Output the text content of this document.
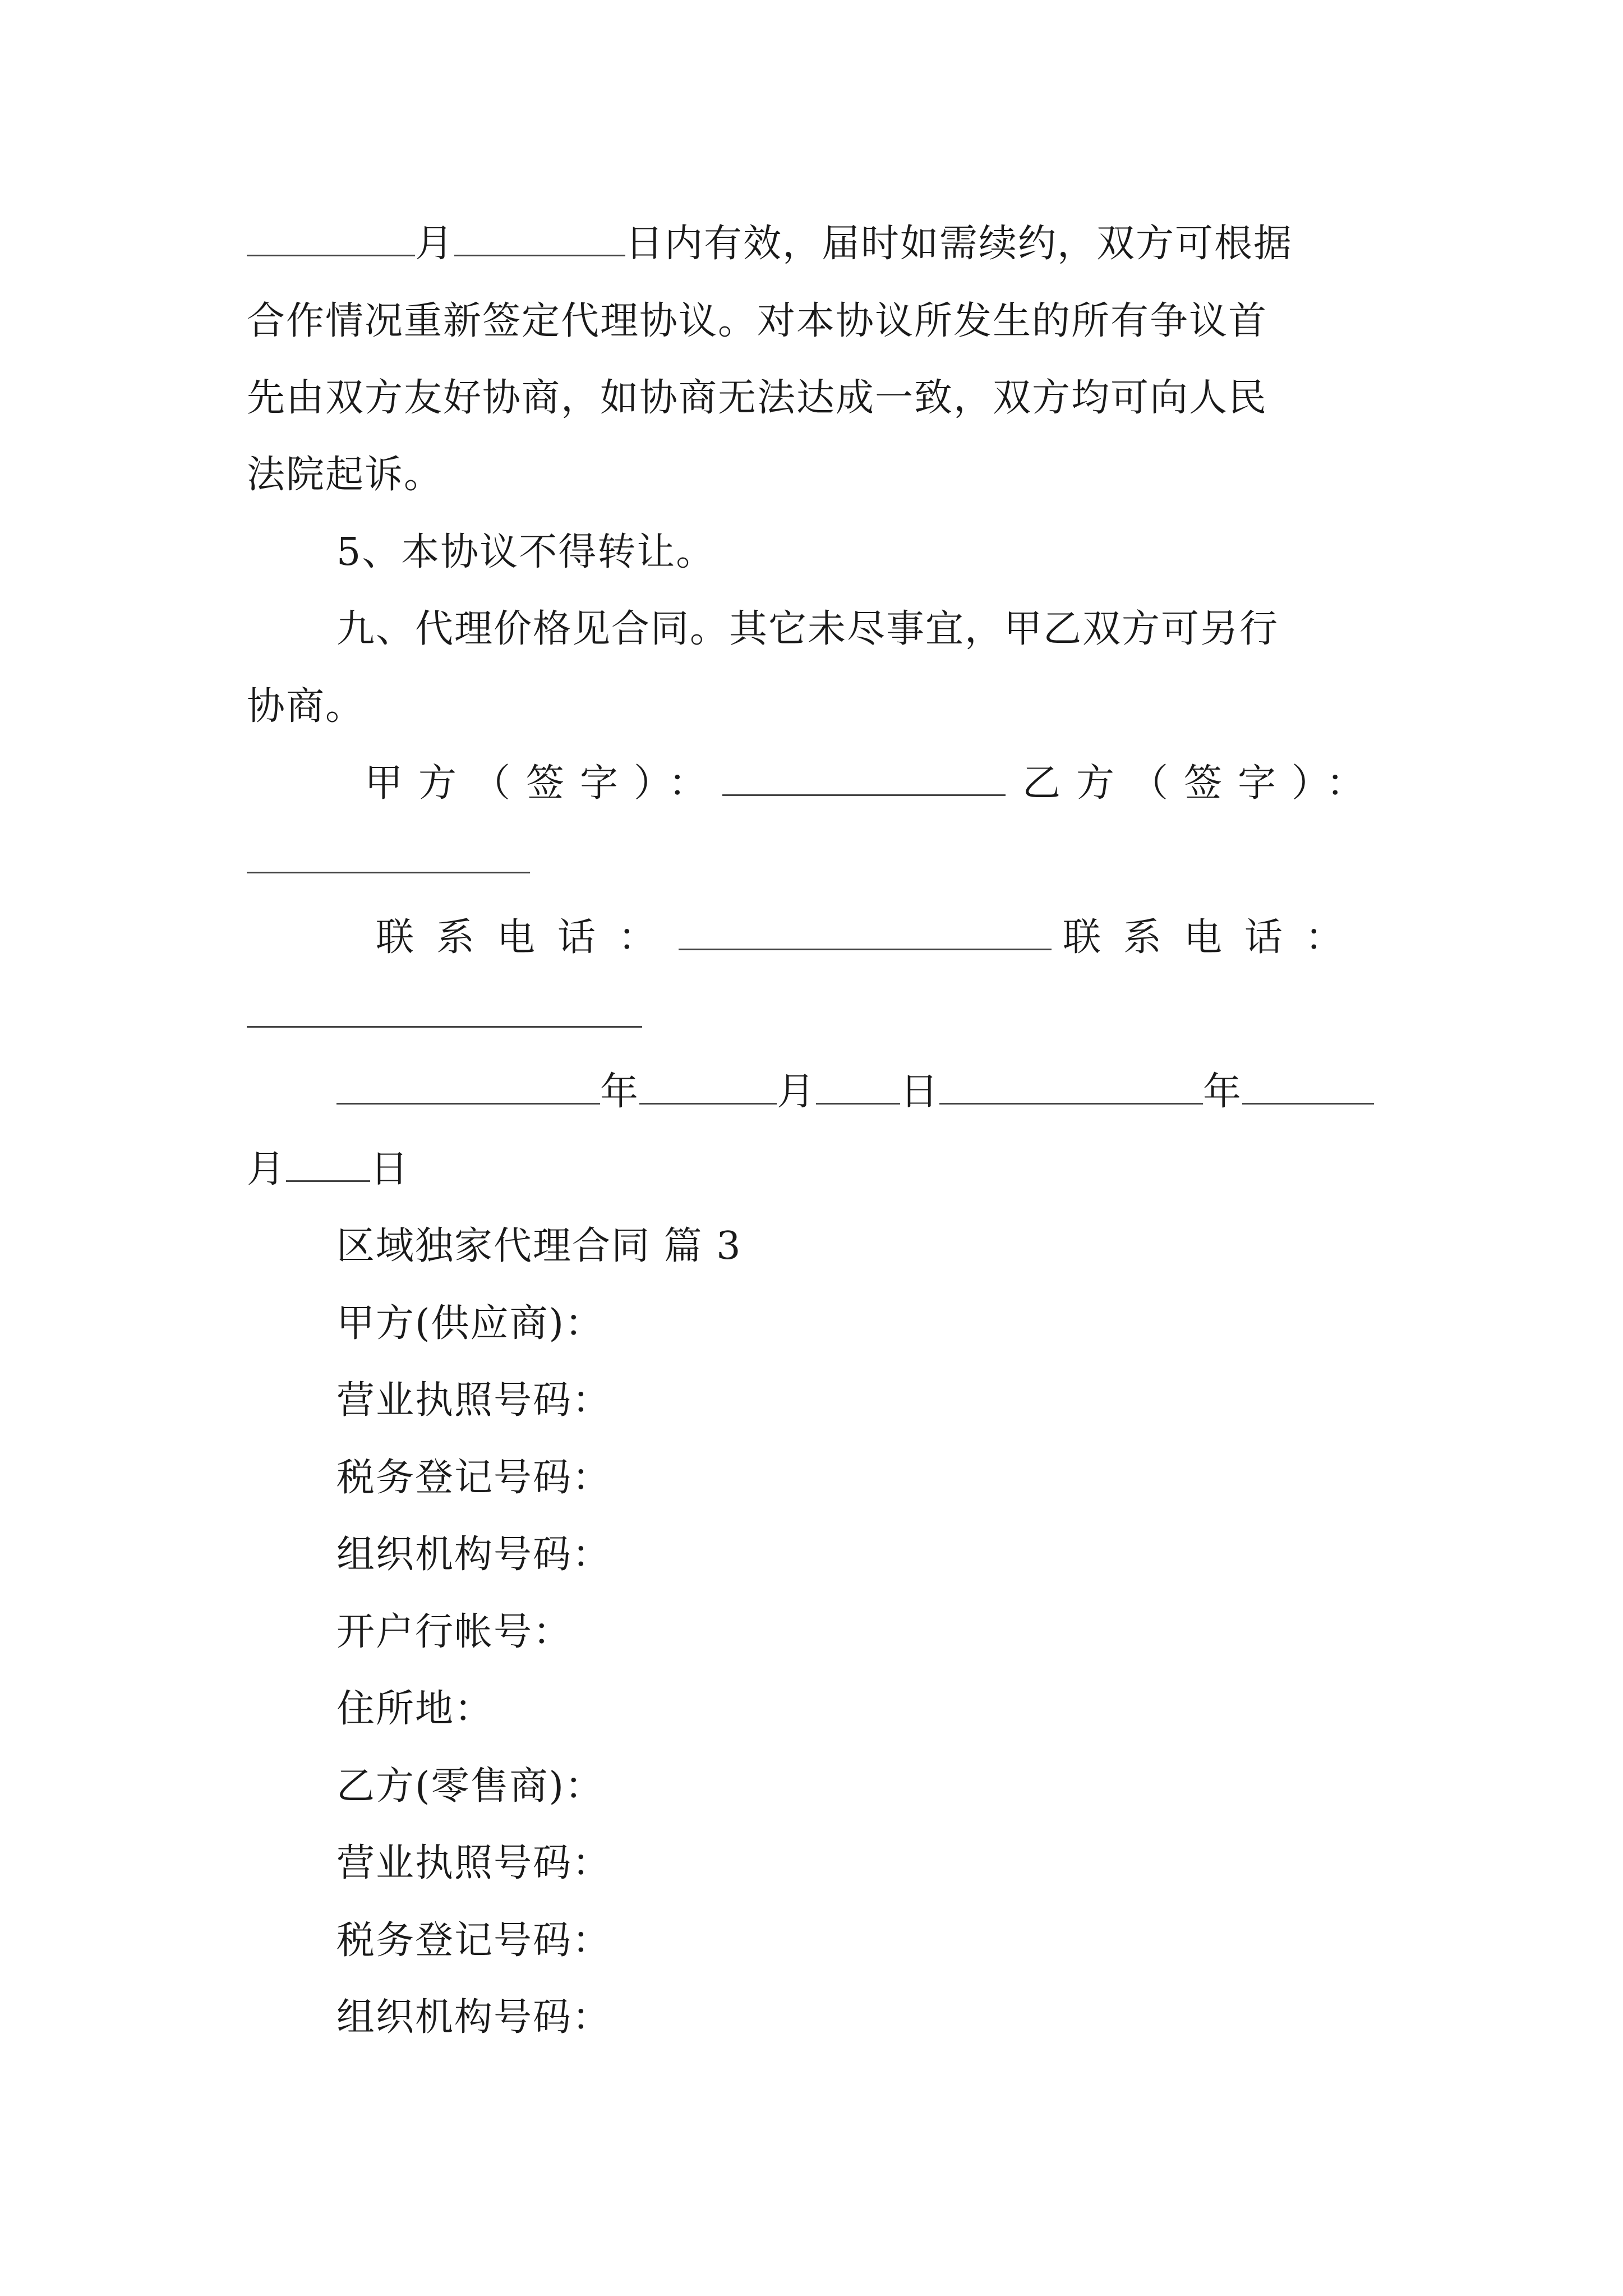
月	日内有效，届时如需续约，双方可根据
合作情况重新签定代理协议。对本协议所发生的所有争议首
先由双方友好协商，如协商无法达成一致，双方均可向人民
法院起诉。
5、本协议不得转让。
九、代理价格见合同。其它未尽事宜，甲乙双方可另行
协商。
甲方（签字）：	乙方（签字）：
联系电话：	联系电话：
年	月 日	年
月 日
区域独家代理合同 篇 3
甲方(供应商)：
营业执照号码：
税务登记号码：
组织机构号码：
开户行帐号：
住所地：
乙方(零售商)：
营业执照号码：
税务登记号码：
组织机构号码：
